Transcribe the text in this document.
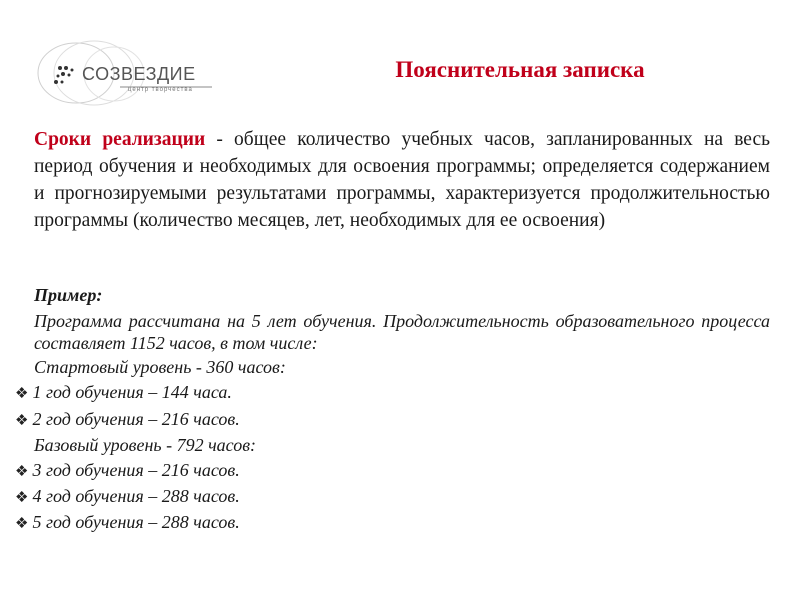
СОЗВЕЗДИЕ
центр творчества
Пояснительная записка

Сроки реализации - общее количество учебных часов, запланированных на весь период обучения и необходимых для освоения программы; определяется содержанием и прогнозируемыми результатами программы, характеризуется продолжительностью программы (количество месяцев, лет, необходимых для ее освоения)

Пример:

Программа рассчитана на 5 лет обучения. Продолжительность образовательного процесса составляет 1152 часов, в том числе:

Стартовый уровень - 360 часов:

❖ 1 год обучения – 144 часа.

❖ 2 год обучения – 216 часов.

Базовый уровень - 792 часов:

❖ 3 год обучения – 216 часов.

❖ 4 год обучения – 288 часов.

❖ 5 год обучения – 288 часов.
